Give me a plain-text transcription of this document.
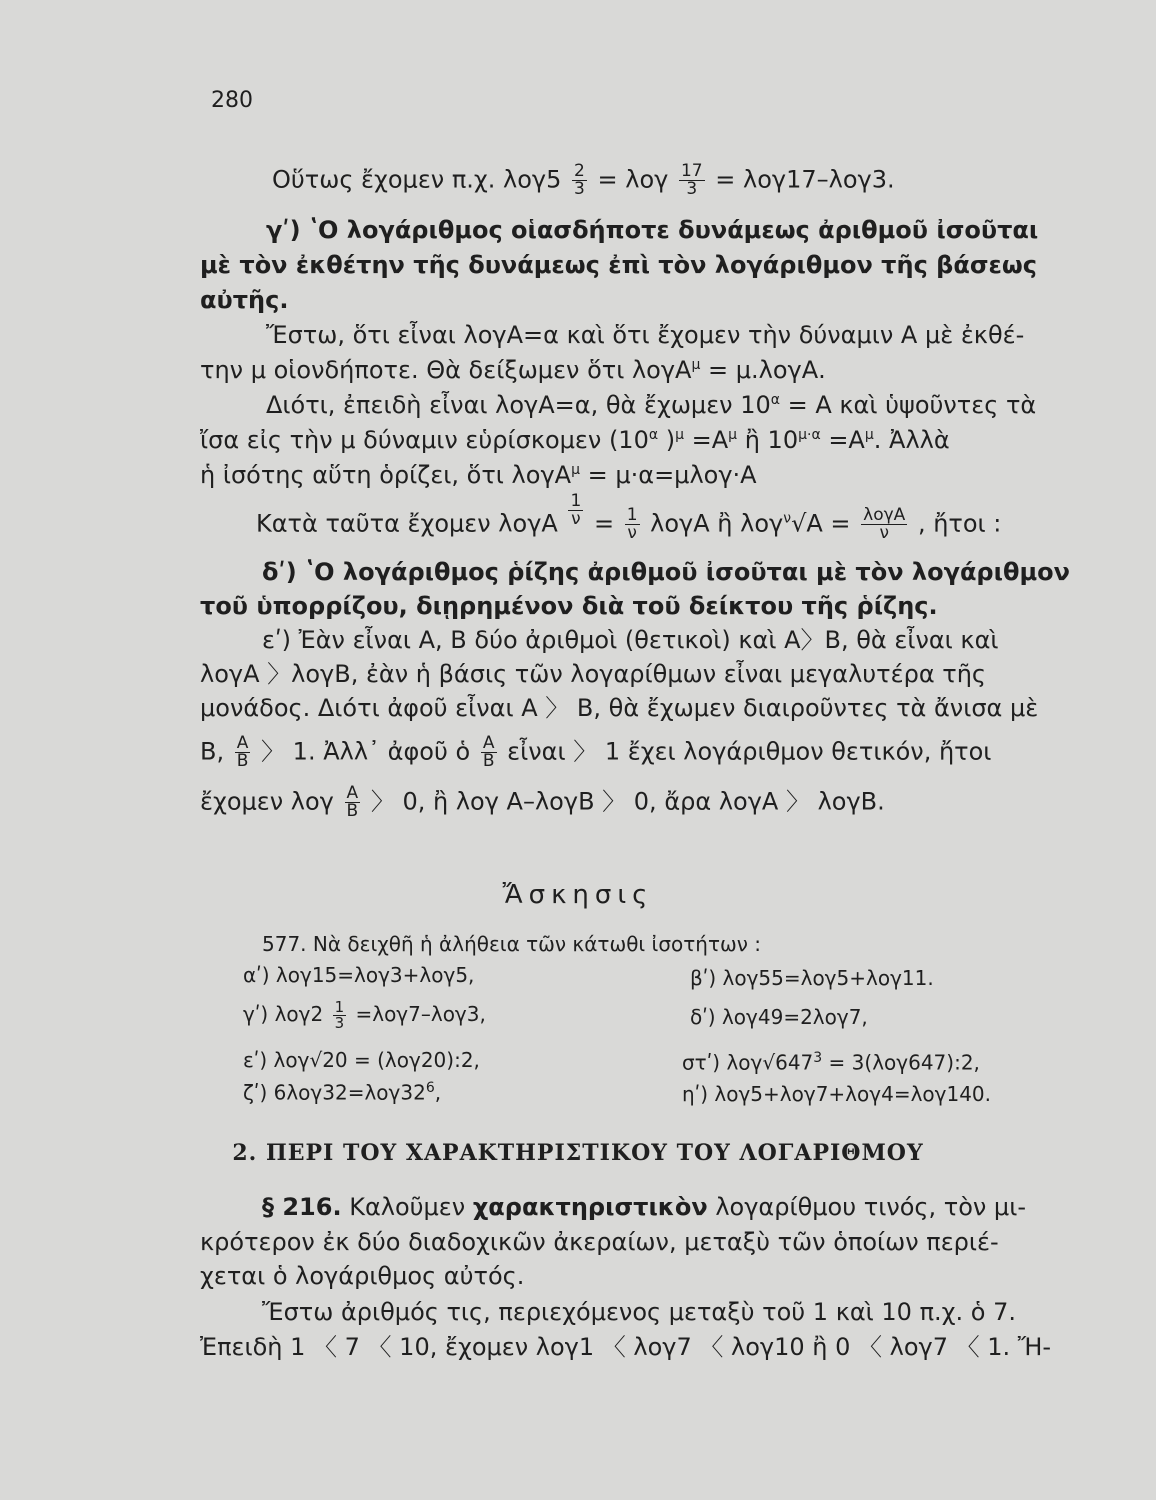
280
Οὕτως ἔχομεν π.χ. $\lambda o\gamma 5 \frac{2}{3} = \lambda o\gamma \frac{17}{3} = \lambda o\gamma 17-\lambda o\gamma 3$.
γʹ) ʽΟ λογάριθμος οἱασδήποτε δυνάμεως ἀριθμοῦ ἰσοῦται
μὲ τὸν ἐκθέτην τῆς δυνάμεως ἐπὶ τὸν λογάριθμον τῆς βάσεως
αὐτῆς.
Ἔστω, ὅτι εἶναι λογΑ=α καὶ ὅτι ἔχομεν τὴν δύναμιν Α μὲ ἐκθέ-
την μ οἱονδήποτε. Θὰ δείξωμεν ὅτι λογΑ$^\mu$ = μ.λογΑ.
Διότι, ἐπειδὴ εἶναι λογΑ=α, θὰ ἔχωμεν $10^\alpha = A$ καὶ ὑψοῦντες τὰ
ἴσα εἰς τὴν μ δύναμιν εὑρίσκομεν ($10^\alpha$ )$^\mu =A^\mu$ ἢ $10^{\mu\cdot\alpha} =A^\mu$. Ἀλλὰ
ἡ ἰσότης αὕτη ὁρίζει, ὅτι λογΑ$^\mu$ = μ·α=μλογ·Α
Κατὰ ταῦτα ἔχομεν λογΑ $\frac{1}{\nu} = \frac{1}{\nu}$ λογΑ ἢ $\lambda o\gamma^\nu√A = \frac{\text{λογΑ}}{\nu}$ , ἤτοι :
δʹ) ʽΟ λογάριθμος ῥίζης ἀριθμοῦ ἰσοῦται μὲ τὸν λογάριθμον
τοῦ ὑπορρίζου, διῃρημένον διὰ τοῦ δείκτου τῆς ῥίζης.
εʹ) Ἐὰν εἶναι Α, Β δύο ἀριθμοὶ (θετικοὶ) καὶ Α〉Β, θὰ εἶναι καὶ
λογΑ 〉λογΒ, ἐὰν ἡ βάσις τῶν λογαρίθμων εἶναι μεγαλυτέρα τῆς
μονάδος. Διότι ἀφοῦ εἶναι Α 〉 Β, θὰ ἔχωμεν διαιροῦντες τὰ ἄνισα μὲ
Β, $\frac{A}{B}$ 〉 1. Ἀλλ᾽ ἀφοῦ ὁ $\frac{A}{B}$ εἶναι 〉 1 ἔχει λογάριθμον θετικόν, ἤτοι
ἔχομεν λογ $\frac{A}{B}$ 〉 0, ἢ λογ Α–λογΒ 〉 0, ἄρα λογΑ 〉 λογΒ.
Ἄσκησις
577. Νὰ δειχθῆ ἡ ἀλήθεια τῶν κάτωθι ἰσοτήτων :
αʹ) λογ15=λογ3+λογ5,	βʹ) λογ55=λογ5+λογ11.
γʹ) $\lambda o\gamma 2 \frac{1}{3} =\lambda o\gamma 7-\lambda o\gamma 3$,	δʹ) λογ49=2λογ7,
εʹ) λογ√20 = (λογ20):2,	στʹ) $\lambda o\gamma√647^3$ = 3(λογ647):2,
ζʹ) $6\lambda o\gamma 32=\lambda o\gamma 32^6$,	ηʹ) λογ5+λογ7+λογ4=λογ140.
2. ΠΕΡΙ ΤΟΥ ΧΑΡΑΚΤΗΡΙΣΤΙΚΟΥ ΤΟΥ ΛΟΓΑΡΙΘΜΟΥ
§ 216. Καλοῦμεν χαρακτηριστικὸν λογαρίθμου τινός, τὸν μι-
κρότερον ἐκ δύο διαδοχικῶν ἀκεραίων, μεταξὺ τῶν ὁποίων περιέ-
χεται ὁ λογάριθμος αὐτός.
Ἔστω ἀριθμός τις, περιεχόμενος μεταξὺ τοῦ 1 καὶ 10 π.χ. ὁ 7.
Ἐπειδὴ 1 〈 7 〈 10, ἔχομεν λογ1 〈 λογ7 〈 λογ10 ἢ 0 〈 λογ7 〈 1. Ἤ-
